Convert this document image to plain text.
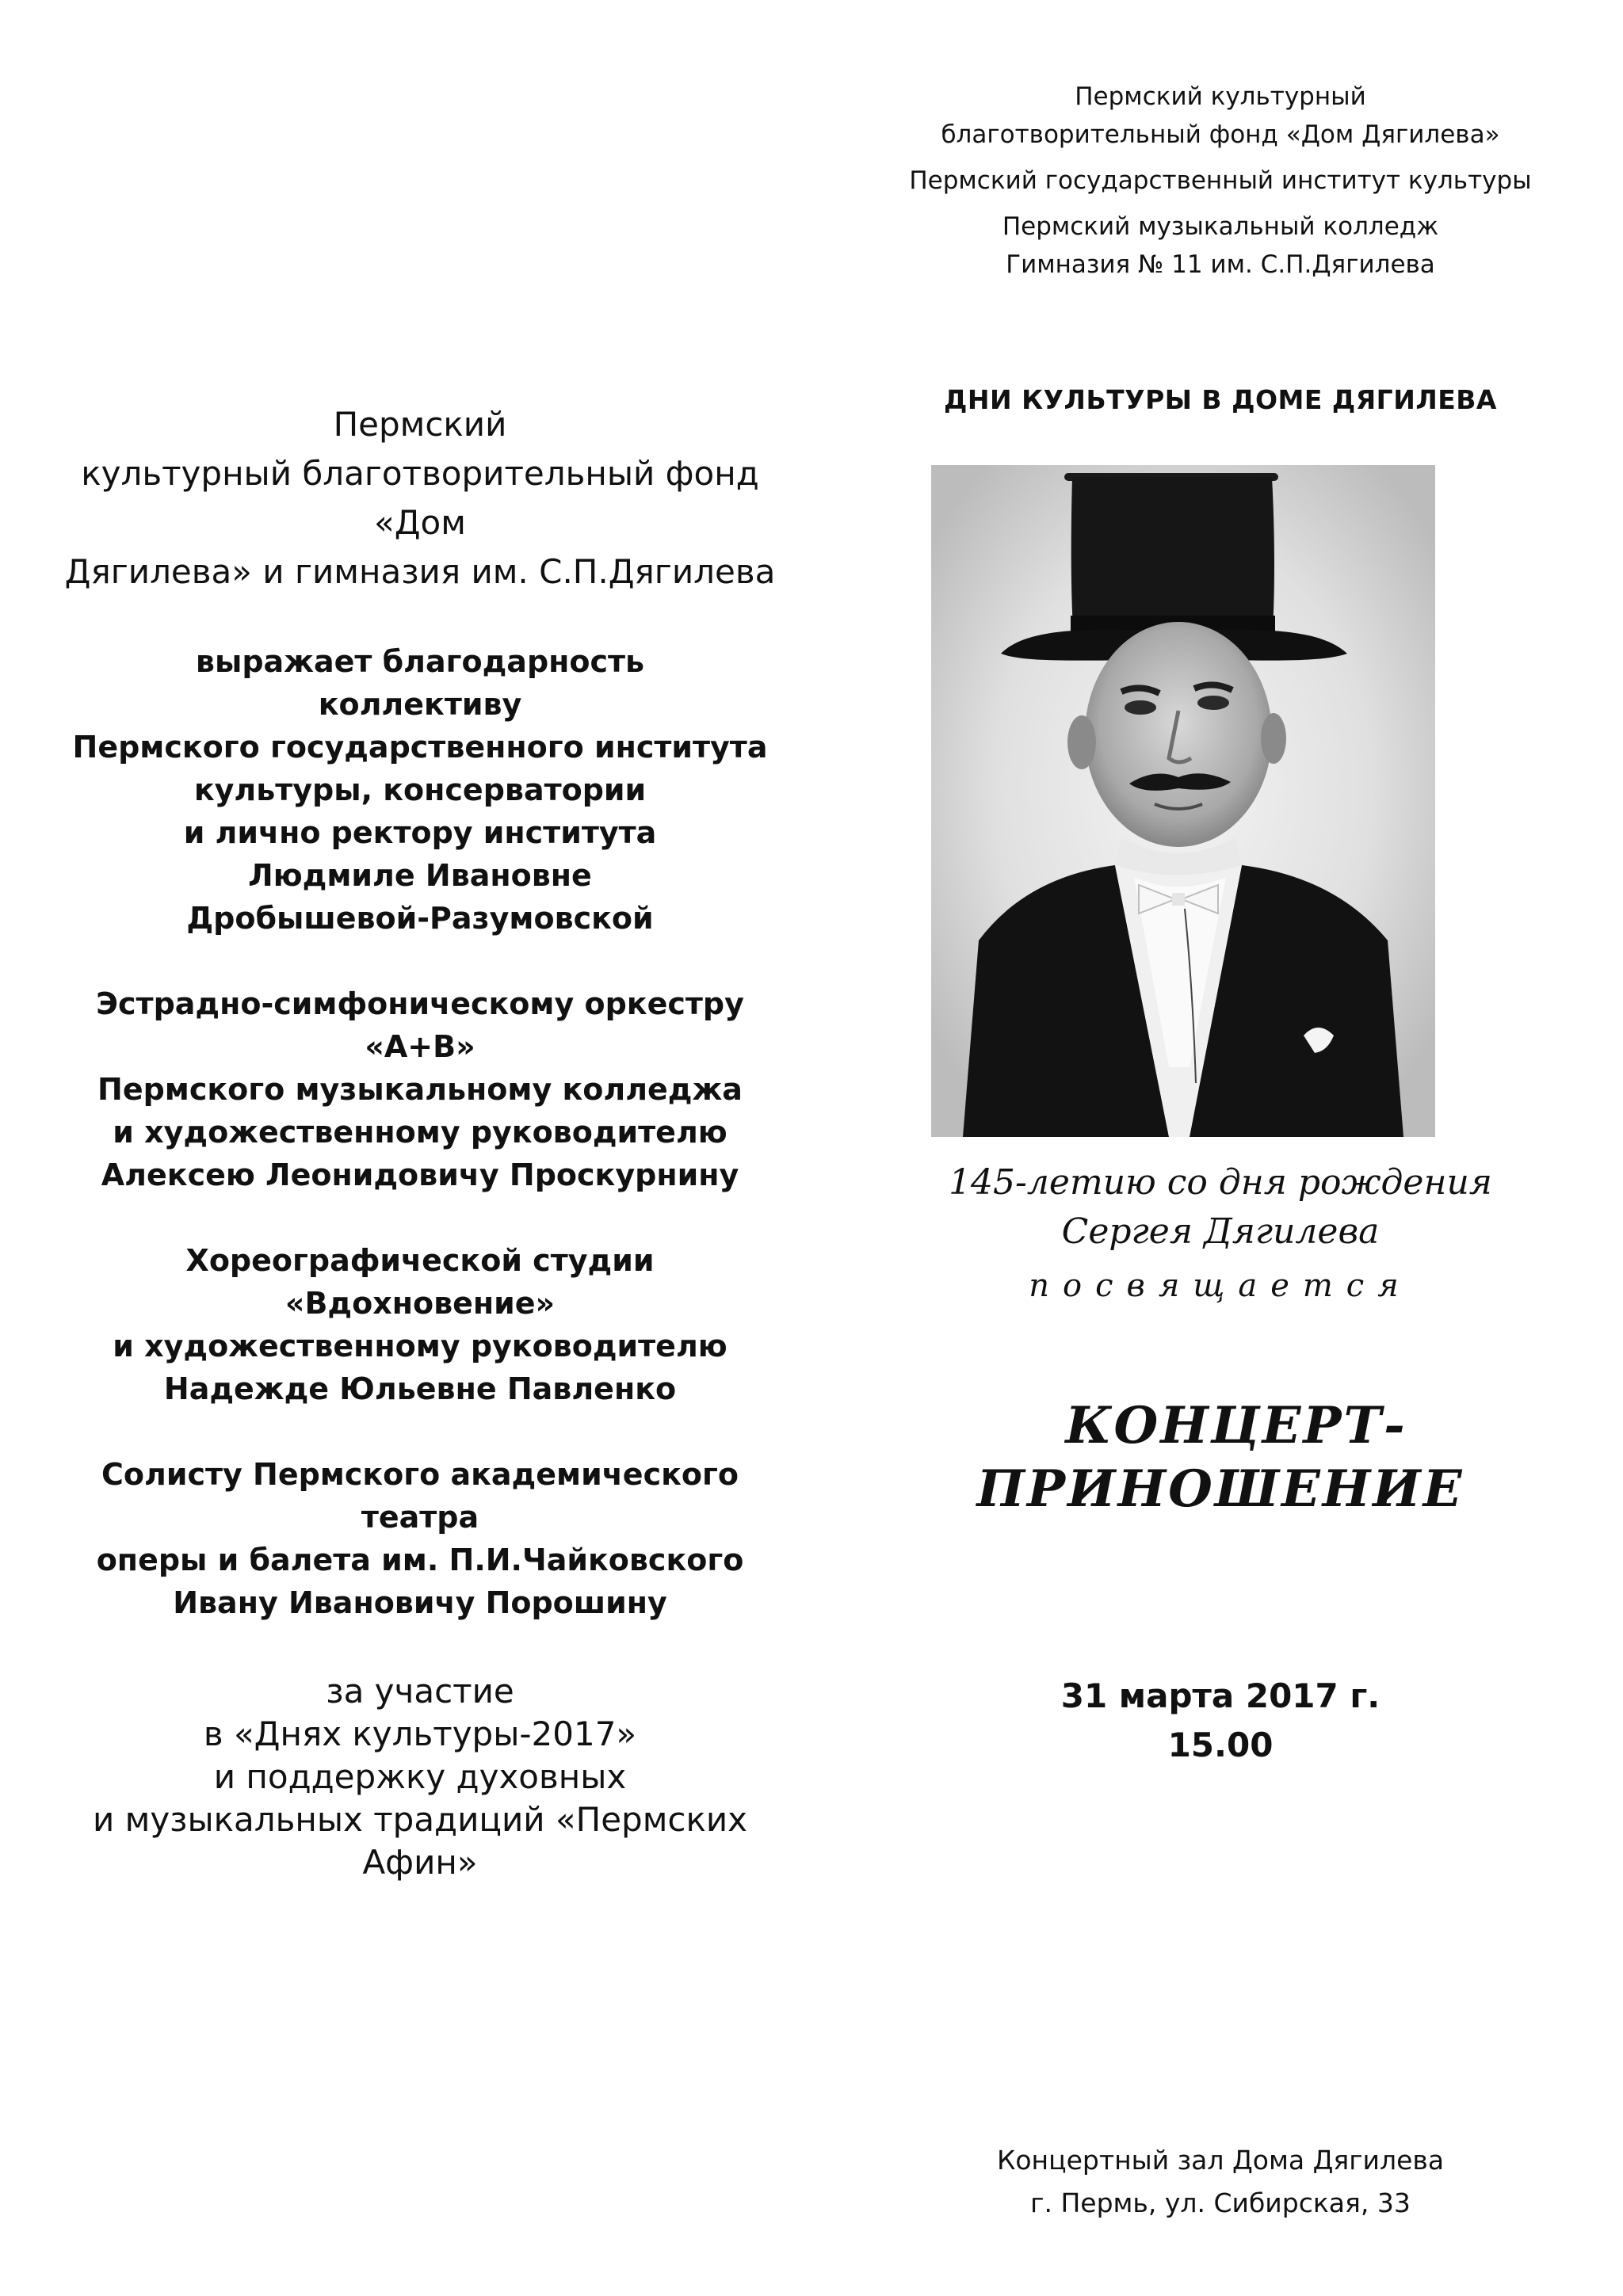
Пермский культурный

благотворительный фонд «Дом Дягилева»

Пермский государственный институт культуры

Пермский музыкальный колледж

Гимназия № 11 им. С.П.Дягилева

ДНИ КУЛЬТУРЫ В ДОМЕ ДЯГИЛЕВА

145-летию со дня рождения

Сергея Дягилева

посвящается

КОНЦЕРТ-

ПРИНОШЕНИЕ

31 марта 2017 г.

15.00

Концертный зал Дома Дягилева

г. Пермь, ул. Сибирская, 33

Пермский
культурный благотворительный фонд «Дом
Дягилева» и гимназия им. С.П.Дягилева

выражает благодарность

коллективу

Пермского государственного института

культуры, консерватории

и лично ректору института

Людмиле Ивановне

Дробышевой-Разумовской

Эстрадно-симфоническому оркестру «А+В»

Пермского музыкальному колледжа

и художественному руководителю

Алексею Леонидовичу Проскурнину

Хореографической студии «Вдохновение»

и художественному руководителю

Надежде Юльевне Павленко

Солисту Пермского академического театра

оперы и балета им. П.И.Чайковского

Ивану Ивановичу Порошину

за участие
в «Днях культуры-2017»
и поддержку духовных
и музыкальных традиций «Пермских Афин»
